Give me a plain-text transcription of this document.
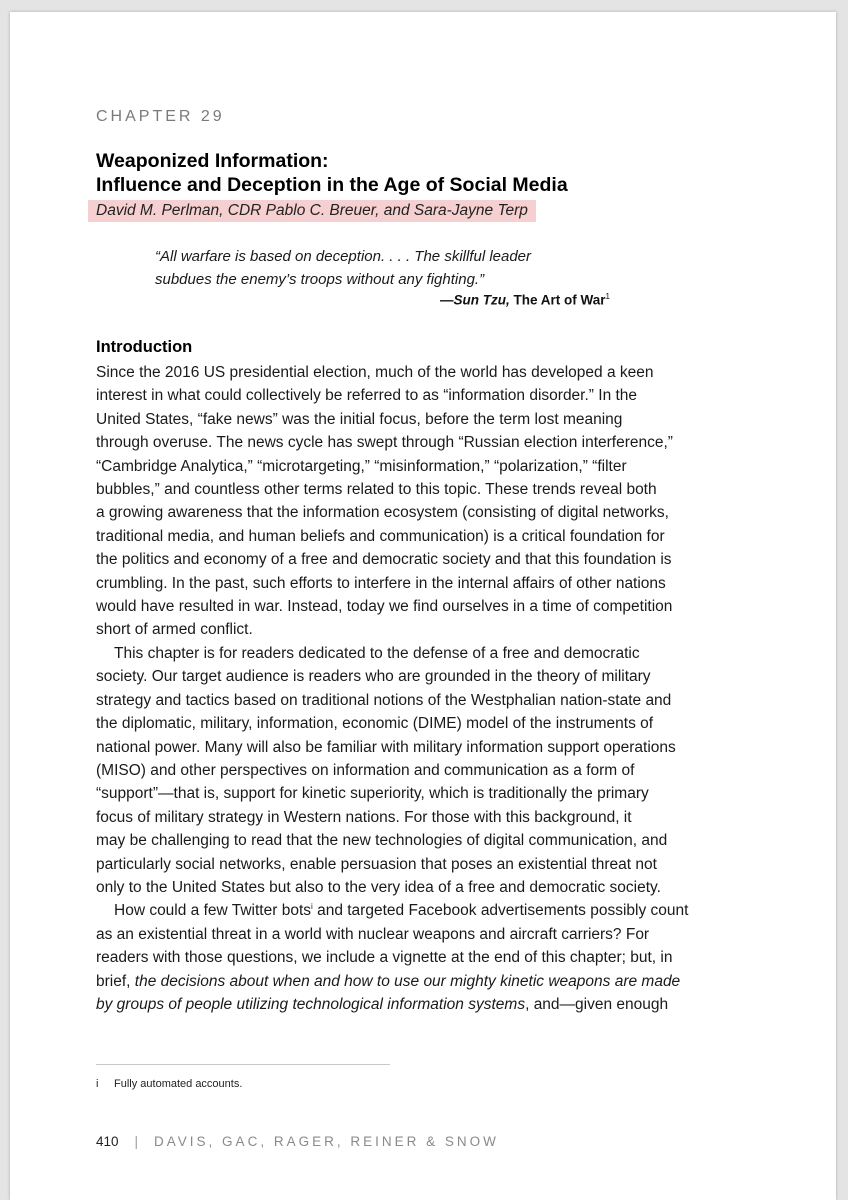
CHAPTER 29
Weaponized Information:
Influence and Deception in the Age of Social Media
David M. Perlman, CDR Pablo C. Breuer, and Sara-Jayne Terp

“All warfare is based on deception. . . . The skillful leader

subdues the enemy’s troops without any fighting.”

—Sun Tzu, The Art of War$^1$
Introduction

Since the 2016 US presidential election, much of the world has developed a keen
interest in what could collectively be referred to as “information disorder.” In the
United States, “fake news” was the initial focus, before the term lost meaning
through overuse. The news cycle has swept through “Russian election interference,”
“Cambridge Analytica,” “microtargeting,” “misinformation,” “polarization,” “filter
bubbles,” and countless other terms related to this topic. These trends reveal both
a growing awareness that the information ecosystem (consisting of digital networks,
traditional media, and human beliefs and communication) is a critical foundation for
the politics and economy of a free and democratic society and that this foundation is
crumbling. In the past, such efforts to interfere in the internal affairs of other nations
would have resulted in war. Instead, today we find ourselves in a time of competition
short of armed conflict.

This chapter is for readers dedicated to the defense of a free and democratic
society. Our target audience is readers who are grounded in the theory of military
strategy and tactics based on traditional notions of the Westphalian nation-state and
the diplomatic, military, information, economic (DIME) model of the instruments of
national power. Many will also be familiar with military information support operations
(MISO) and other perspectives on information and communication as a form of
“support”—that is, support for kinetic superiority, which is traditionally the primary
focus of military strategy in Western nations. For those with this background, it
may be challenging to read that the new technologies of digital communication, and
particularly social networks, enable persuasion that poses an existential threat not
only to the United States but also to the very idea of a free and democratic society.

How could a few Twitter bots$^i$ and targeted Facebook advertisements possibly count
as an existential threat in a world with nuclear weapons and aircraft carriers? For
readers with those questions, we include a vignette at the end of this chapter; but, in
brief, the decisions about when and how to use our mighty kinetic weapons are made
by groups of people utilizing technological information systems, and—given enough

i Fully automated accounts.
410 | DAVIS, GAC, RAGER, REINER & SNOW
